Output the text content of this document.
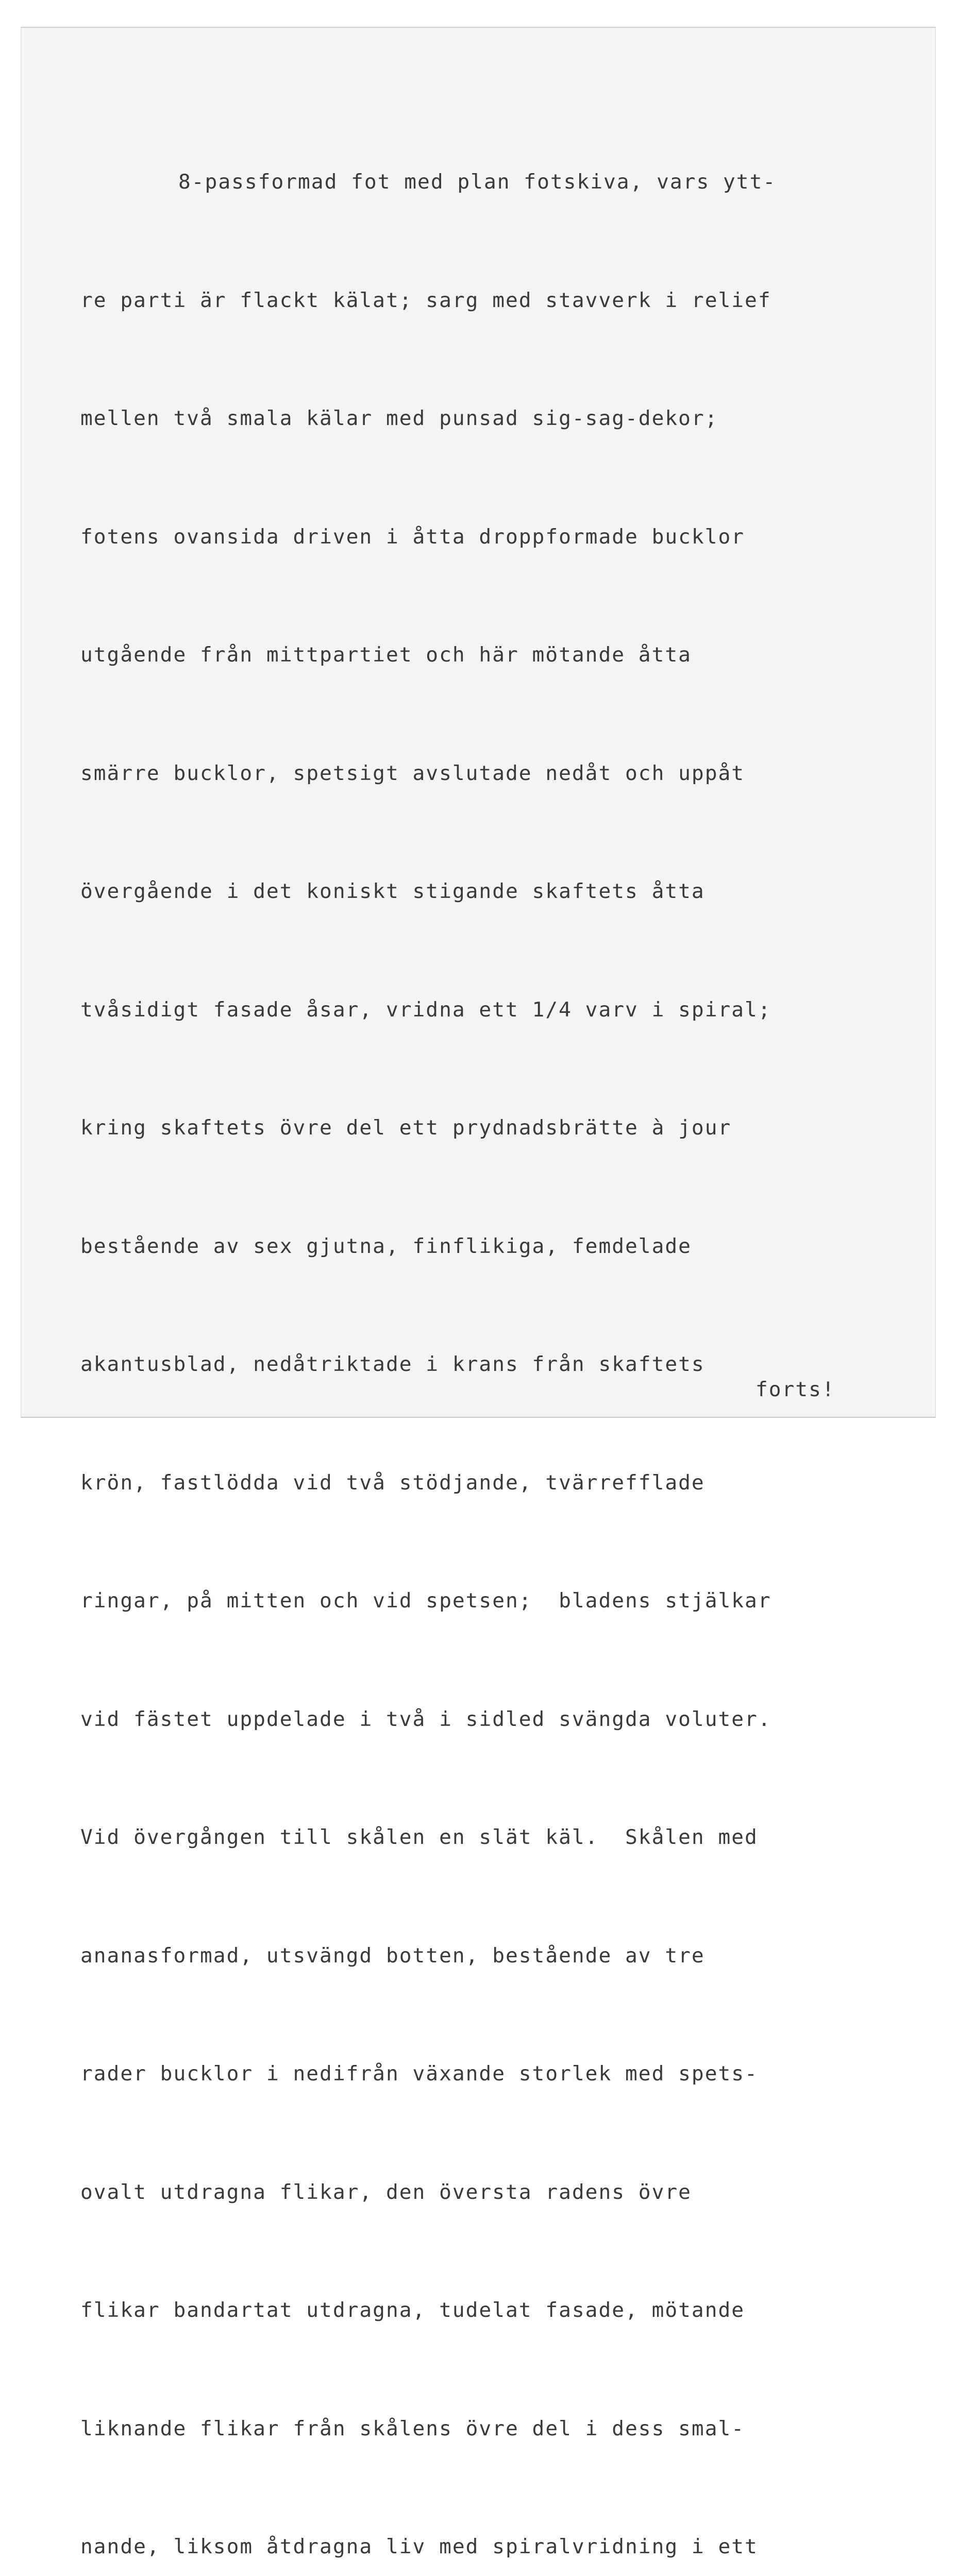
8-passformad fot med plan fotskiva, vars ytt-

re parti är flackt kälat; sarg med stavverk i relief

mellen två smala kälar med punsad sig-sag-dekor;

fotens ovansida driven i åtta droppformade bucklor

utgående från mittpartiet och här mötande åtta

smärre bucklor, spetsigt avslutade nedåt och uppåt

övergående i det koniskt stigande skaftets åtta

tvåsidigt fasade åsar, vridna ett 1/4 varv i spiral;

kring skaftets övre del ett prydnadsbrätte à jour

bestående av sex gjutna, finflikiga, femdelade

akantusblad, nedåtriktade i krans från skaftets

krön, fastlödda vid två stödjande, tvärrefflade

ringar, på mitten och vid spetsen;  bladens stjälkar

vid fästet uppdelade i två i sidled svängda voluter.

Vid övergången till skålen en slät käl.  Skålen med

ananasformad, utsvängd botten, bestående av tre

rader bucklor i nedifrån växande storlek med spets-

ovalt utdragna flikar, den översta radens övre

flikar bandartat utdragna, tudelat fasade, mötande

liknande flikar från skålens övre del i dess smal-

nande, liksom åtdragna liv med spiralvridning i ett

forts!
